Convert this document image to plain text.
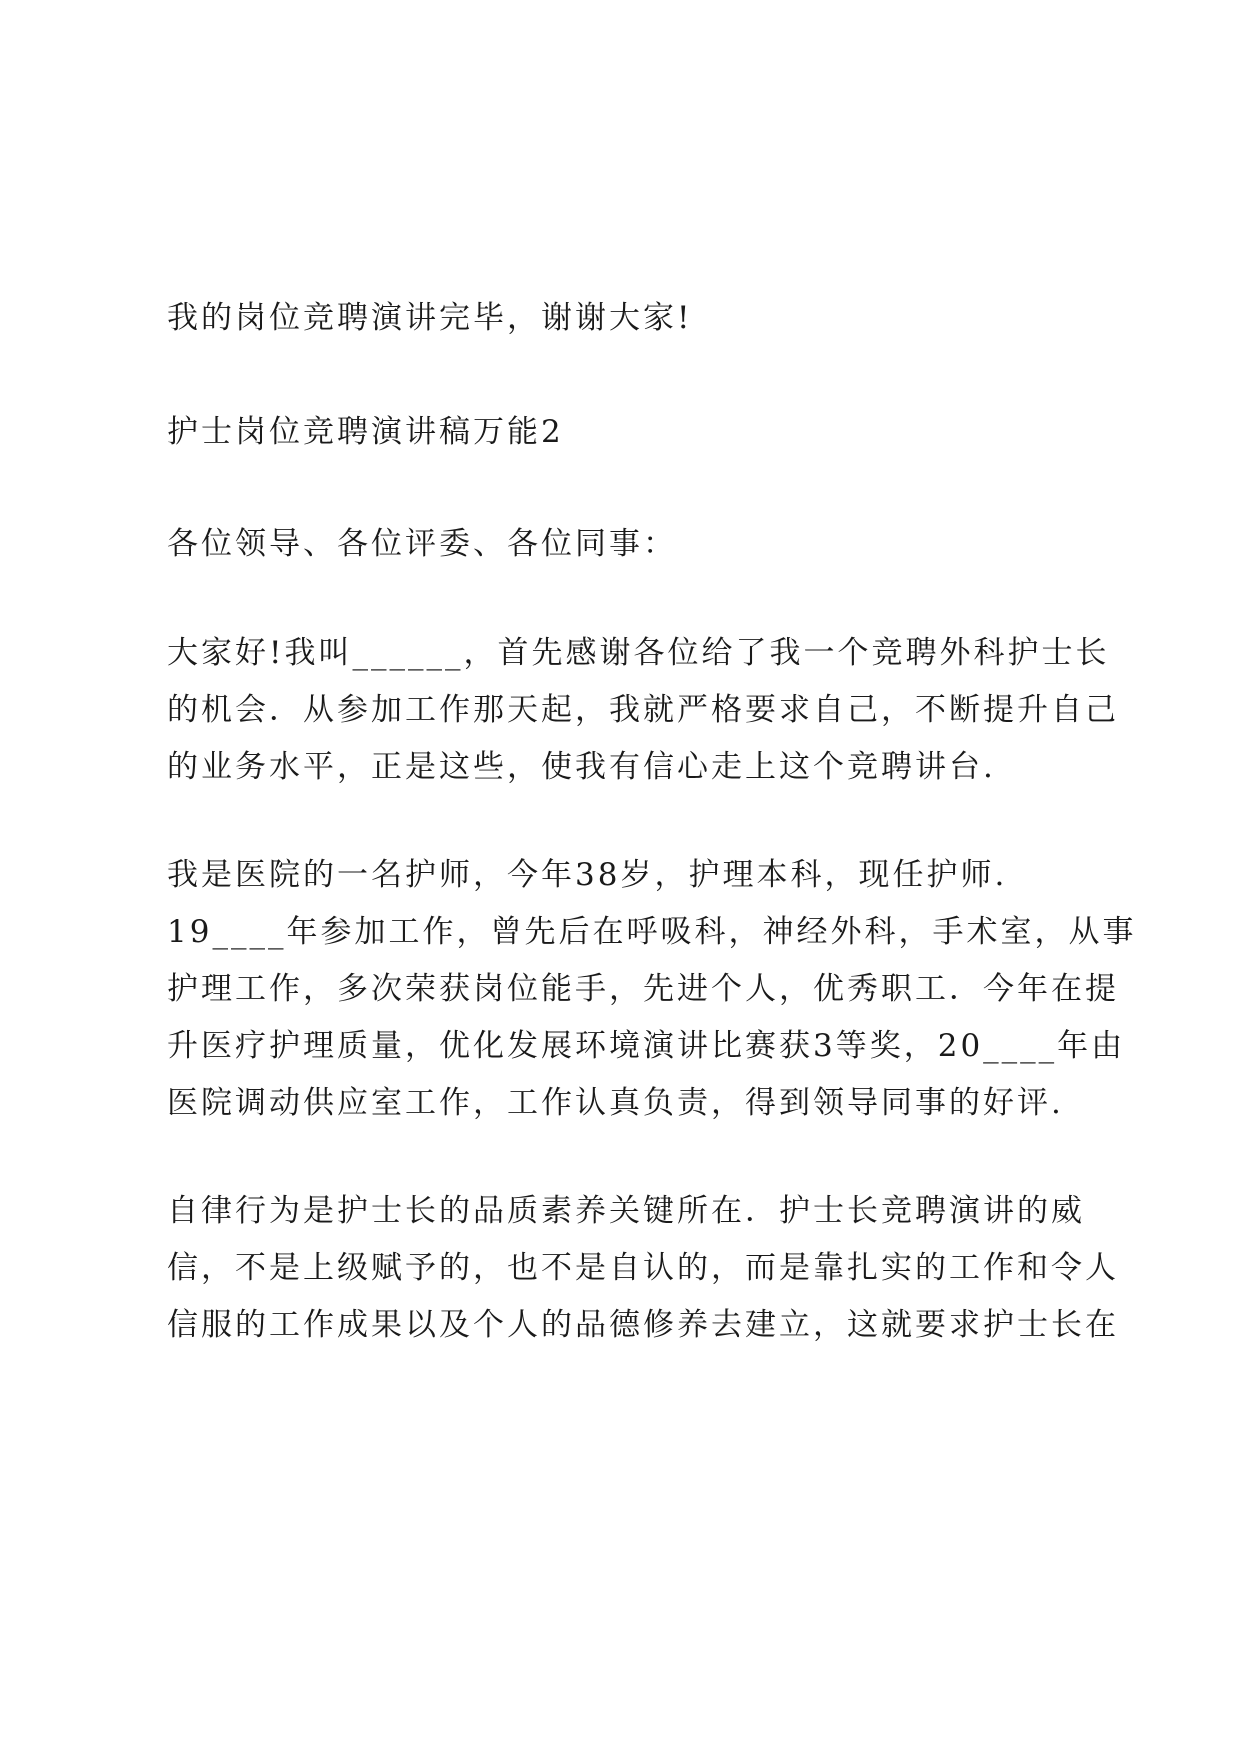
我的岗位竞聘演讲完毕，谢谢大家!
护士岗位竞聘演讲稿万能2
各位领导、各位评委、各位同事：
大家好!我叫______，首先感谢各位给了我一个竞聘外科护士长
的机会．从参加工作那天起，我就严格要求自己，不断提升自己
的业务水平，正是这些，使我有信心走上这个竞聘讲台.
我是医院的一名护师，今年38岁，护理本科，现任护师.
19____年参加工作，曾先后在呼吸科，神经外科，手术室，从事
护理工作，多次荣获岗位能手，先进个人，优秀职工．今年在提
升医疗护理质量，优化发展环境演讲比赛获3等奖，20____年由
医院调动供应室工作，工作认真负责，得到领导同事的好评.
自律行为是护士长的品质素养关键所在．护士长竞聘演讲的威
信，不是上级赋予的，也不是自认的，而是靠扎实的工作和令人
信服的工作成果以及个人的品德修养去建立，这就要求护士长在
